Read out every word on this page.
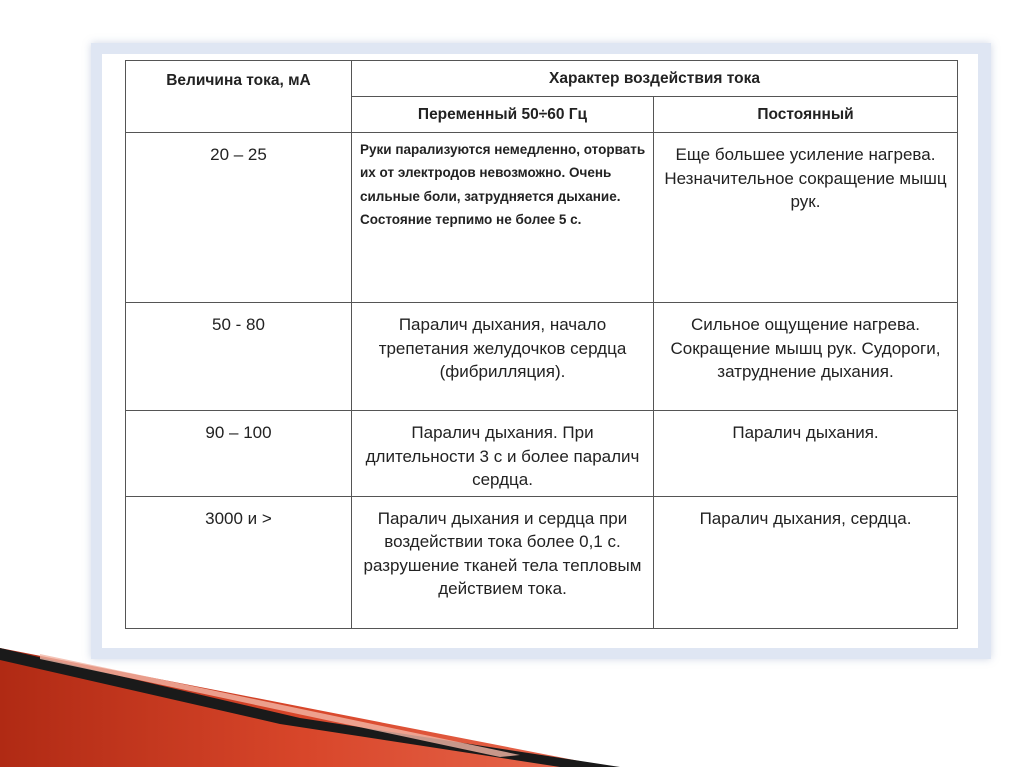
Величина тока, мА	Характер воздействия тока	
	Переменный 50÷60 Гц	Постоянный
20 – 25	Руки парализуются немедленно, оторвать их от электродов невозможно. Очень сильные боли, затрудняется дыхание. Состояние терпимо не более 5 с.	Еще большее усиление нагрева. Незначительное сокращение мышц рук.
50 - 80	Паралич дыхания, начало трепетания желудочков сердца (фибрилляция).	Сильное ощущение нагрева. Сокращение мышц рук. Судороги, затруднение дыхания.
90 – 100	Паралич дыхания. При длительности 3 с и более паралич сердца.	Паралич дыхания.
3000 и >	Паралич дыхания и сердца при воздействии тока более 0,1 с. разрушение тканей тела тепловым действием тока.	Паралич дыхания, сердца.
